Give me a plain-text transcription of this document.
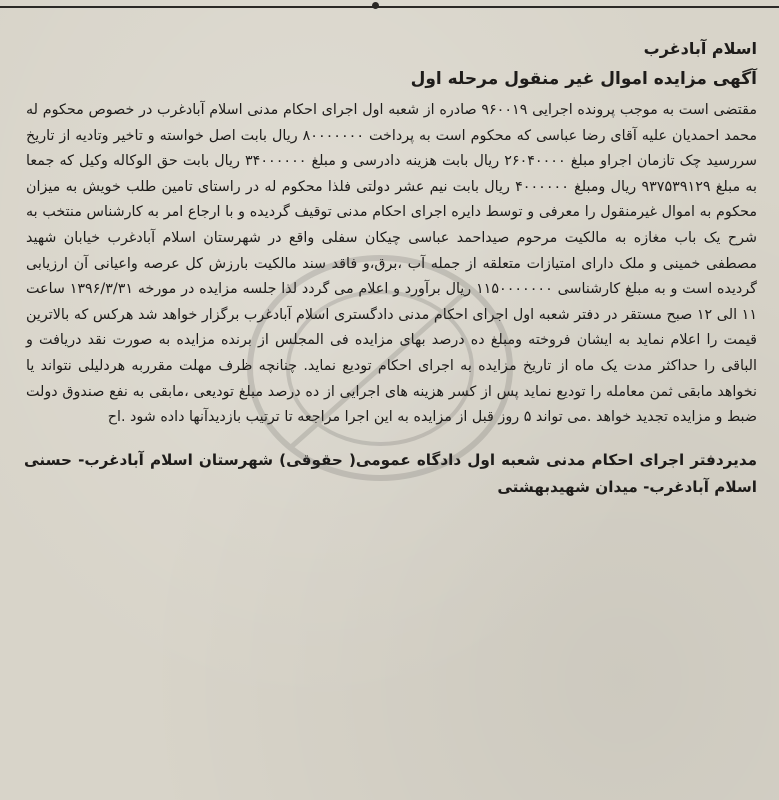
اسلام آبادغرب

آگهی مزایده اموال غیر منقول مرحله اول

مقتضی است به موجب پرونده اجرایی ۹۶۰۰۱۹ صادره از شعبه اول اجرای احکام مدنی اسلام آبادغرب در خصوص محکوم له محمد احمدیان علیه آقای رضا عباسی که محکوم است به پرداخت ۸۰۰۰۰۰۰۰ ریال بابت اصل خواسته و تاخیر وتادیه از تاریخ سررسید چک تازمان اجراو مبلغ ۲۶۰۴۰۰۰۰ ریال بابت هزینه دادرسی و مبلغ ۳۴۰۰۰۰۰۰ ریال بابت حق الوکاله وکیل که جمعا به مبلغ ۹۳۷۵۳۹۱۲۹ ریال ومبلغ ۴۰۰۰۰۰۰ ریال بابت نیم عشر دولتی فلذا محکوم له در راستای تامین طلب خویش به میزان محکوم به اموال غیرمنقول را معرفی و توسط دایره اجرای احکام مدنی توقیف گردیده و با ارجاع امر به کارشناس منتخب به شرح یک باب مغازه به مالکیت مرحوم صیداحمد عباسی چیکان سفلی واقع در شهرستان اسلام آبادغرب خیابان شهید مصطفی خمینی و ملک دارای امتیازات متعلقه از جمله آب ،برق،و فاقد سند مالکیت بارزش کل عرصه واعیانی آن ارزیابی گردیده است و به مبلغ کارشناسی ۱۱۵۰۰۰۰۰۰۰ ریال برآورد و اعلام می گردد لذا جلسه مزایده در مورخه ۱۳۹۶/۳/۳۱ ساعت ۱۱ الی ۱۲ صبح مستقر در دفتر شعبه اول اجرای احکام مدنی دادگستری اسلام آبادغرب برگزار خواهد شد هرکس که بالاترین قیمت را اعلام نماید به ایشان فروخته ومبلغ ده درصد بهای مزایده فی المجلس از برنده مزایده به صورت نقد دریافت و الباقی را حداکثر مدت یک ماه از تاریخ مزایده به اجرای احکام تودیع نماید. چنانچه ظرف مهلت مقرربه هردلیلی نتواند یا نخواهد مابقی ثمن معامله را تودیع نماید پس از کسر هزینه های اجرایی از ده درصد مبلغ تودیعی ،مابقی به نفع صندوق دولت ضبط و مزایده تجدید خواهد .می تواند ۵ روز قبل از مزایده به این اجرا مراجعه تا ترتیب بازدیدآنها داده شود .اح

مدیردفتر اجرای احکام مدنی شعبه اول دادگاه عمومی( حقوقی) شهرستان اسلام آبادغرب- حسنی اسلام آبادغرب- میدان شهیدبهشتی
